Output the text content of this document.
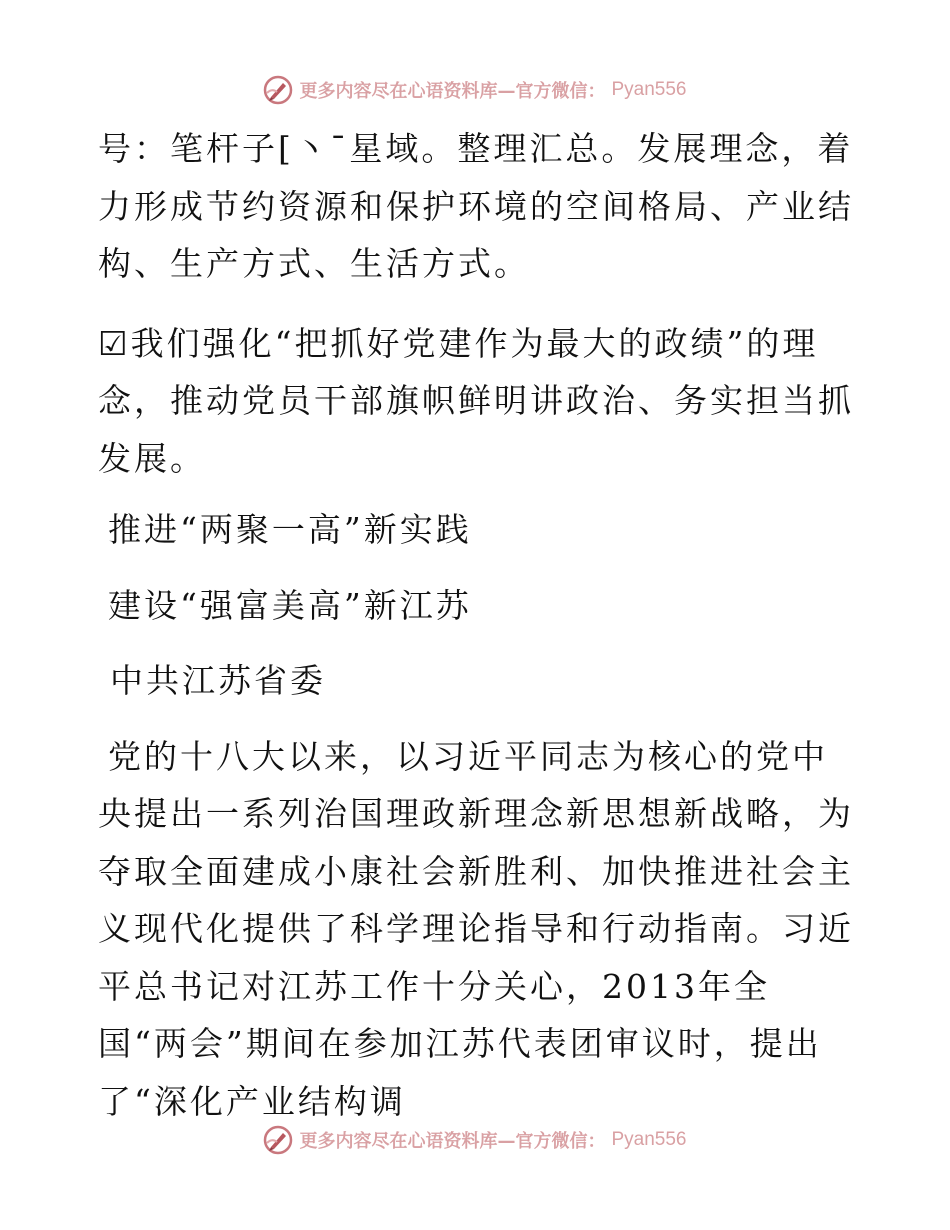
更多内容尽在心语资料库—官方微信： Pyan556

号：笔杆子[丶¯星域。整理汇总。发展理念，着力形成节约资源和保护环境的空间格局、产业结构、生产方式、生活方式。

☑我们强化“把抓好党建作为最大的政绩”的理念，推动党员干部旗帜鲜明讲政治、务实担当抓发展。

推进“两聚一高”新实践

建设“强富美高”新江苏

中共江苏省委

党的十八大以来，以习近平同志为核心的党中央提出一系列治国理政新理念新思想新战略，为夺取全面建成小康社会新胜利、加快推进社会主义现代化提供了科学理论指导和行动指南。习近平总书记对江苏工作十分关心，2013年全国“两会”期间在参加江苏代表团审议时，提出了“深化产业结构调

更多内容尽在心语资料库—官方微信： Pyan556
